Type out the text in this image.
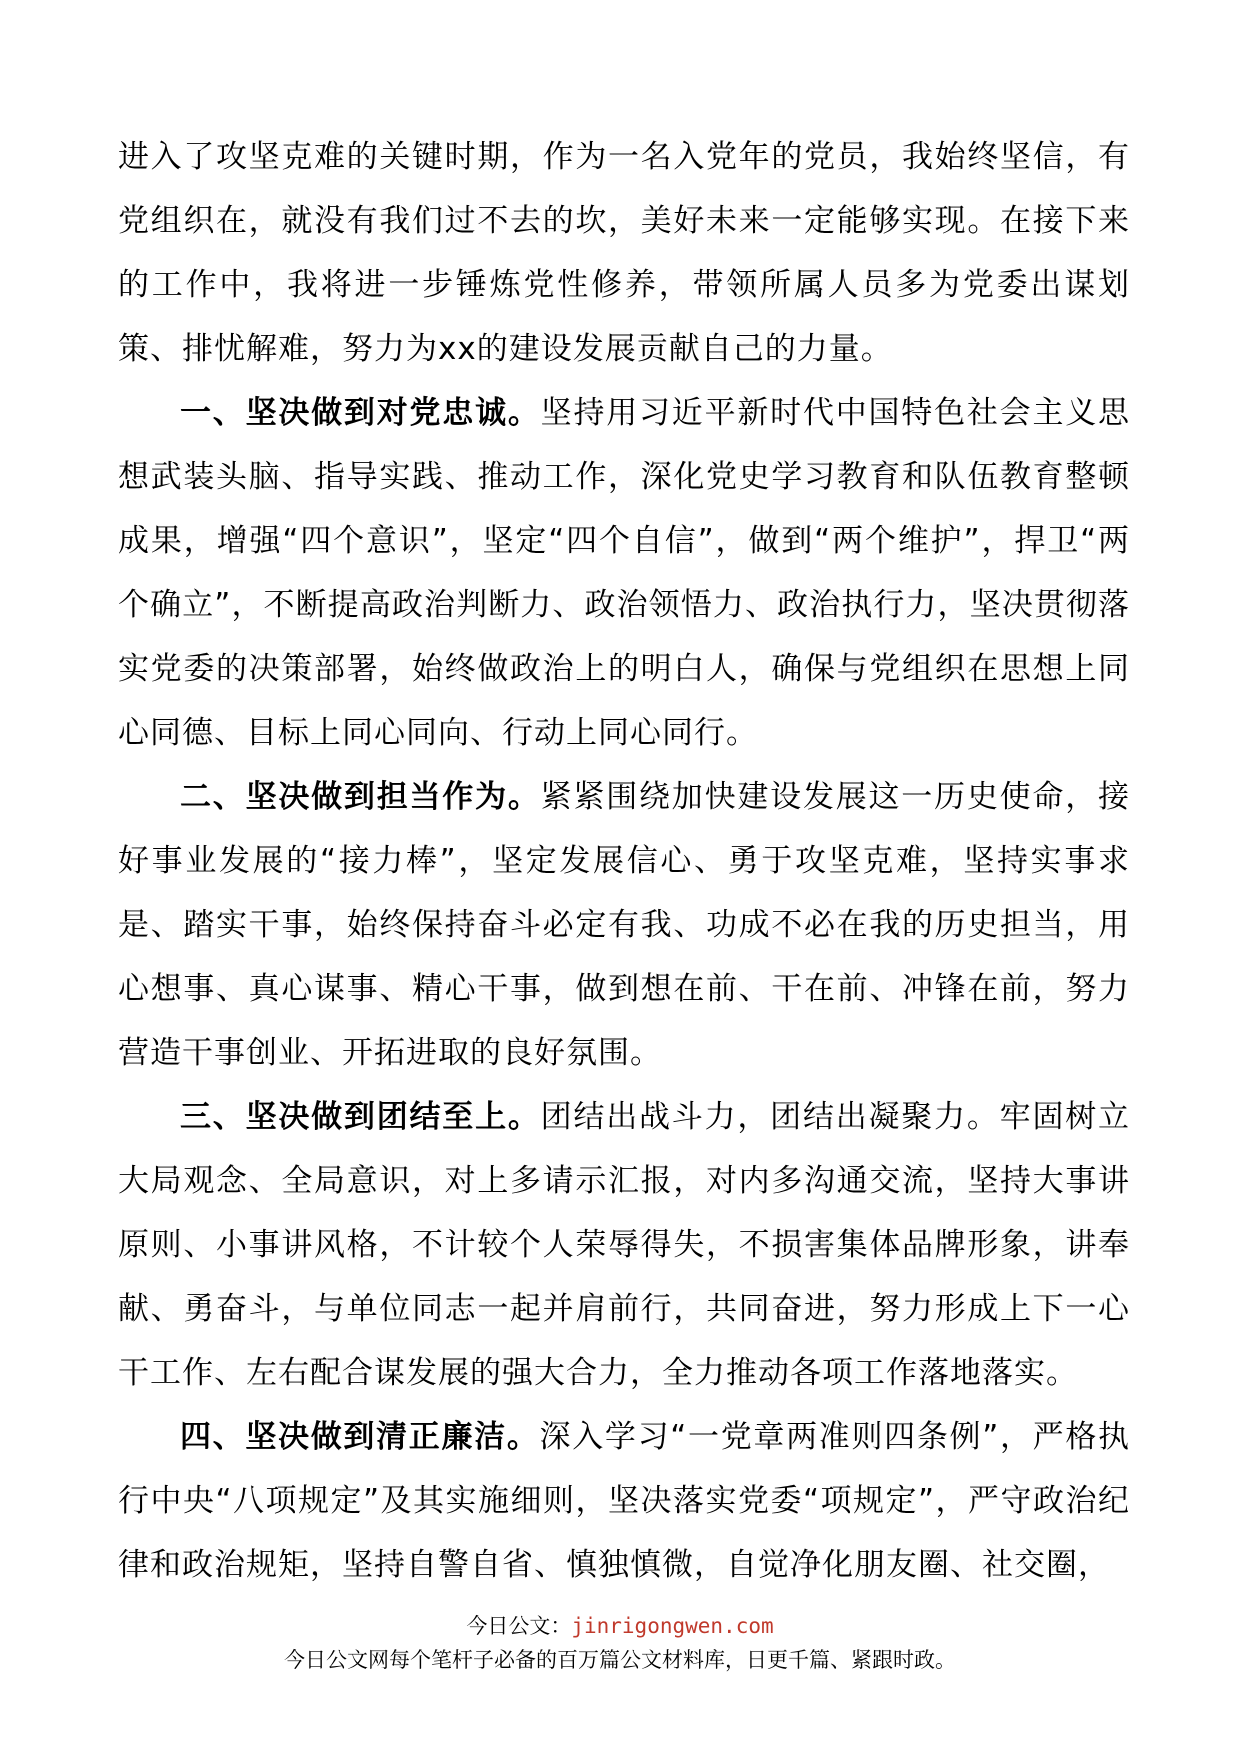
进入了攻坚克难的关键时期，作为一名入党年的党员，我始终坚信，有党组织在，就没有我们过不去的坎，美好未来一定能够实现。在接下来的工作中，我将进一步锤炼党性修养，带领所属人员多为党委出谋划策、排忧解难，努力为xx的建设发展贡献自己的力量。

一、坚决做到对党忠诚。坚持用习近平新时代中国特色社会主义思想武装头脑、指导实践、推动工作，深化党史学习教育和队伍教育整顿成果，增强“四个意识”，坚定“四个自信”，做到“两个维护”，捍卫“两个确立”，不断提高政治判断力、政治领悟力、政治执行力，坚决贯彻落实党委的决策部署，始终做政治上的明白人，确保与党组织在思想上同心同德、目标上同心同向、行动上同心同行。

二、坚决做到担当作为。紧紧围绕加快建设发展这一历史使命，接好事业发展的“接力棒”，坚定发展信心、勇于攻坚克难，坚持实事求是、踏实干事，始终保持奋斗必定有我、功成不必在我的历史担当，用心想事、真心谋事、精心干事，做到想在前、干在前、冲锋在前，努力营造干事创业、开拓进取的良好氛围。

三、坚决做到团结至上。团结出战斗力，团结出凝聚力。牢固树立大局观念、全局意识，对上多请示汇报，对内多沟通交流，坚持大事讲原则、小事讲风格，不计较个人荣辱得失，不损害集体品牌形象，讲奉献、勇奋斗，与单位同志一起并肩前行，共同奋进，努力形成上下一心干工作、左右配合谋发展的强大合力，全力推动各项工作落地落实。

四、坚决做到清正廉洁。深入学习“一党章两准则四条例”，严格执行中央“八项规定”及其实施细则，坚决落实党委“项规定”，严守政治纪律和政治规矩，坚持自警自省、慎独慎微，自觉净化朋友圈、社交圈，

今日公文：jinrigongwen.com
今日公文网每个笔杆子必备的百万篇公文材料库，日更千篇、紧跟时政。
